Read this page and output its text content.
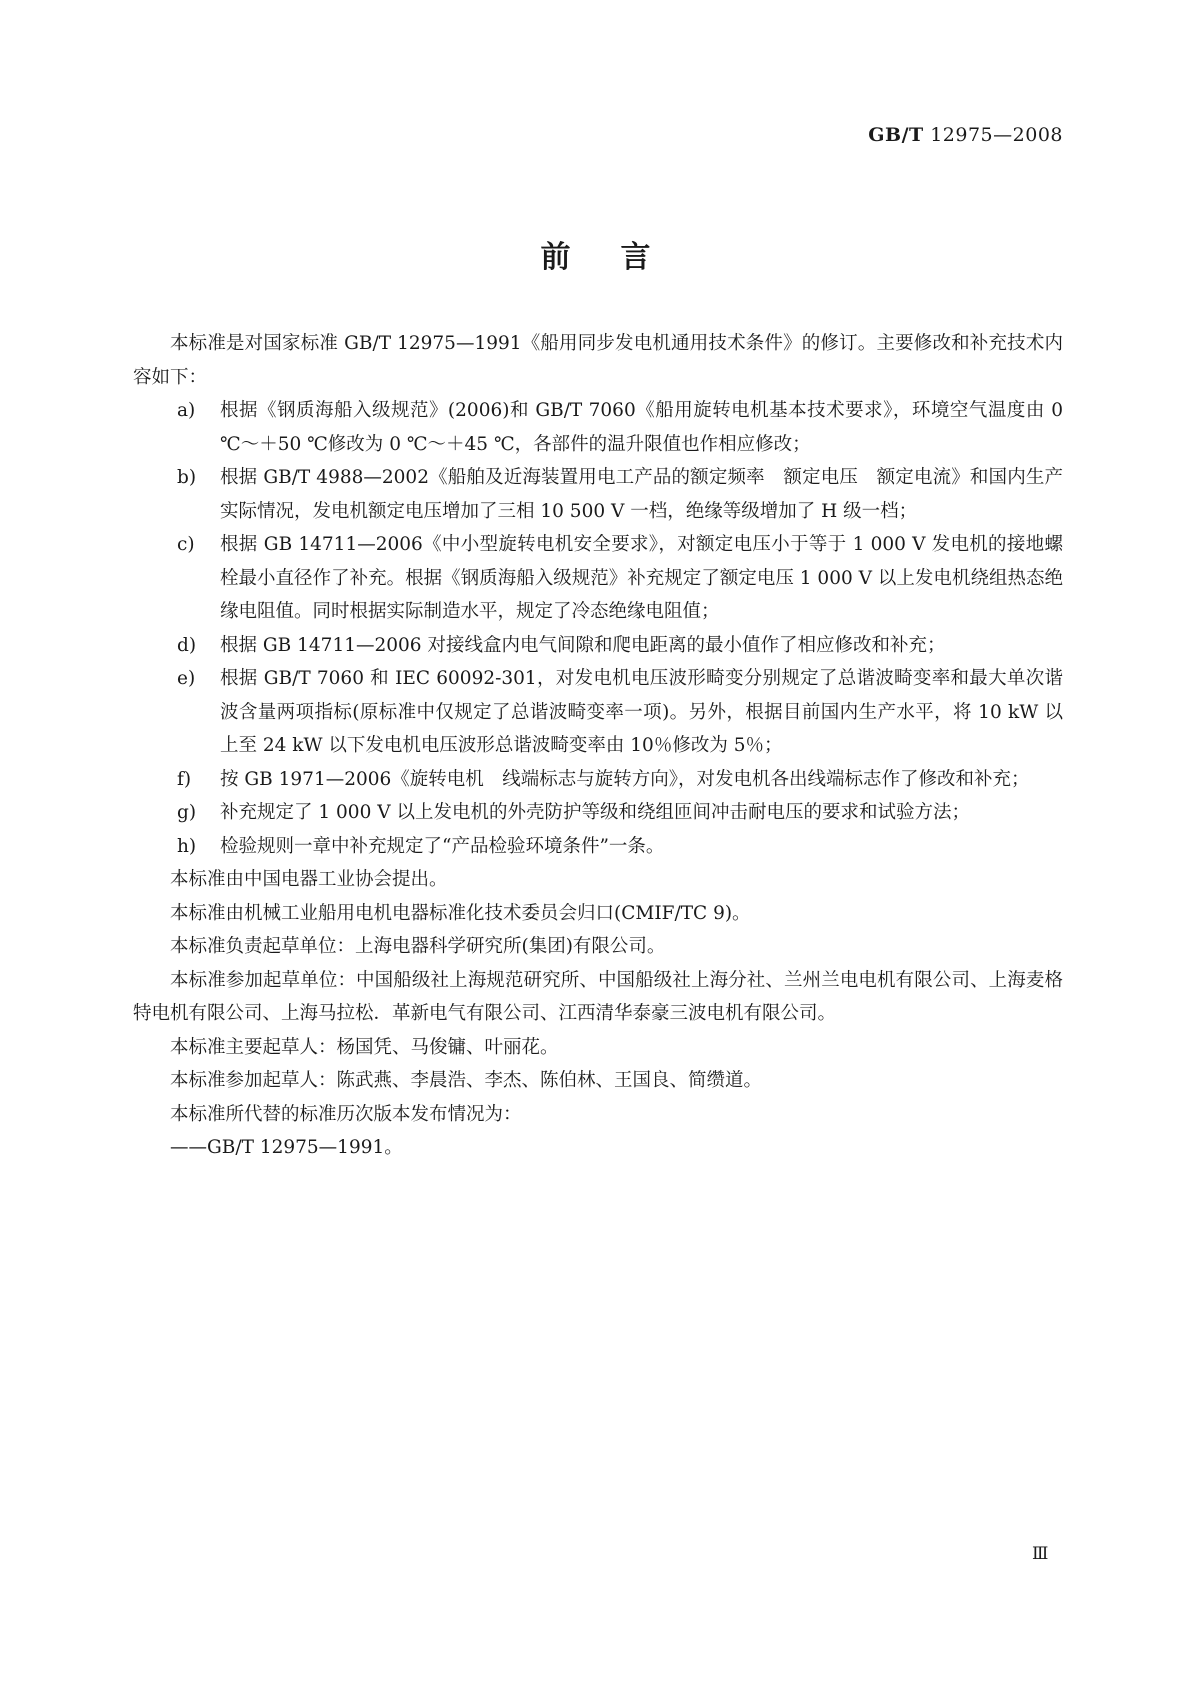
GB/T 12975—2008
前言

本标准是对国家标准 GB/T 12975—1991《船用同步发电机通用技术条件》的修订。主要修改和补充技术内容如下：

a) 根据《钢质海船入级规范》(2006)和 GB/T 7060《船用旋转电机基本技术要求》，环境空气温度由 0 ℃～＋50 ℃修改为 0 ℃～＋45 ℃，各部件的温升限值也作相应修改；
b) 根据 GB/T 4988—2002《船舶及近海装置用电工产品的额定频率　额定电压　额定电流》和国内生产实际情况，发电机额定电压增加了三相 10 500 V 一档，绝缘等级增加了 H 级一档；
c) 根据 GB 14711—2006《中小型旋转电机安全要求》，对额定电压小于等于 1 000 V 发电机的接地螺栓最小直径作了补充。根据《钢质海船入级规范》补充规定了额定电压 1 000 V 以上发电机绕组热态绝缘电阻值。同时根据实际制造水平，规定了冷态绝缘电阻值；
d) 根据 GB 14711—2006 对接线盒内电气间隙和爬电距离的最小值作了相应修改和补充；
e) 根据 GB/T 7060 和 IEC 60092-301，对发电机电压波形畸变分别规定了总谐波畸变率和最大单次谐波含量两项指标(原标准中仅规定了总谐波畸变率一项)。另外，根据目前国内生产水平，将 10 kW 以上至 24 kW 以下发电机电压波形总谐波畸变率由 10％修改为 5％；
f) 按 GB 1971—2006《旋转电机　线端标志与旋转方向》，对发电机各出线端标志作了修改和补充；
g) 补充规定了 1 000 V 以上发电机的外壳防护等级和绕组匝间冲击耐电压的要求和试验方法；
h) 检验规则一章中补充规定了“产品检验环境条件”一条。

本标准由中国电器工业协会提出。

本标准由机械工业船用电机电器标准化技术委员会归口(CMIF/TC 9)。

本标准负责起草单位：上海电器科学研究所(集团)有限公司。

本标准参加起草单位：中国船级社上海规范研究所、中国船级社上海分社、兰州兰电电机有限公司、上海麦格特电机有限公司、上海马拉松．革新电气有限公司、江西清华泰豪三波电机有限公司。

本标准主要起草人：杨国凭、马俊镛、叶丽花。

本标准参加起草人：陈武燕、李晨浩、李杰、陈伯林、王国良、简缵道。

本标准所代替的标准历次版本发布情况为：

——GB/T 12975—1991。

Ⅲ
